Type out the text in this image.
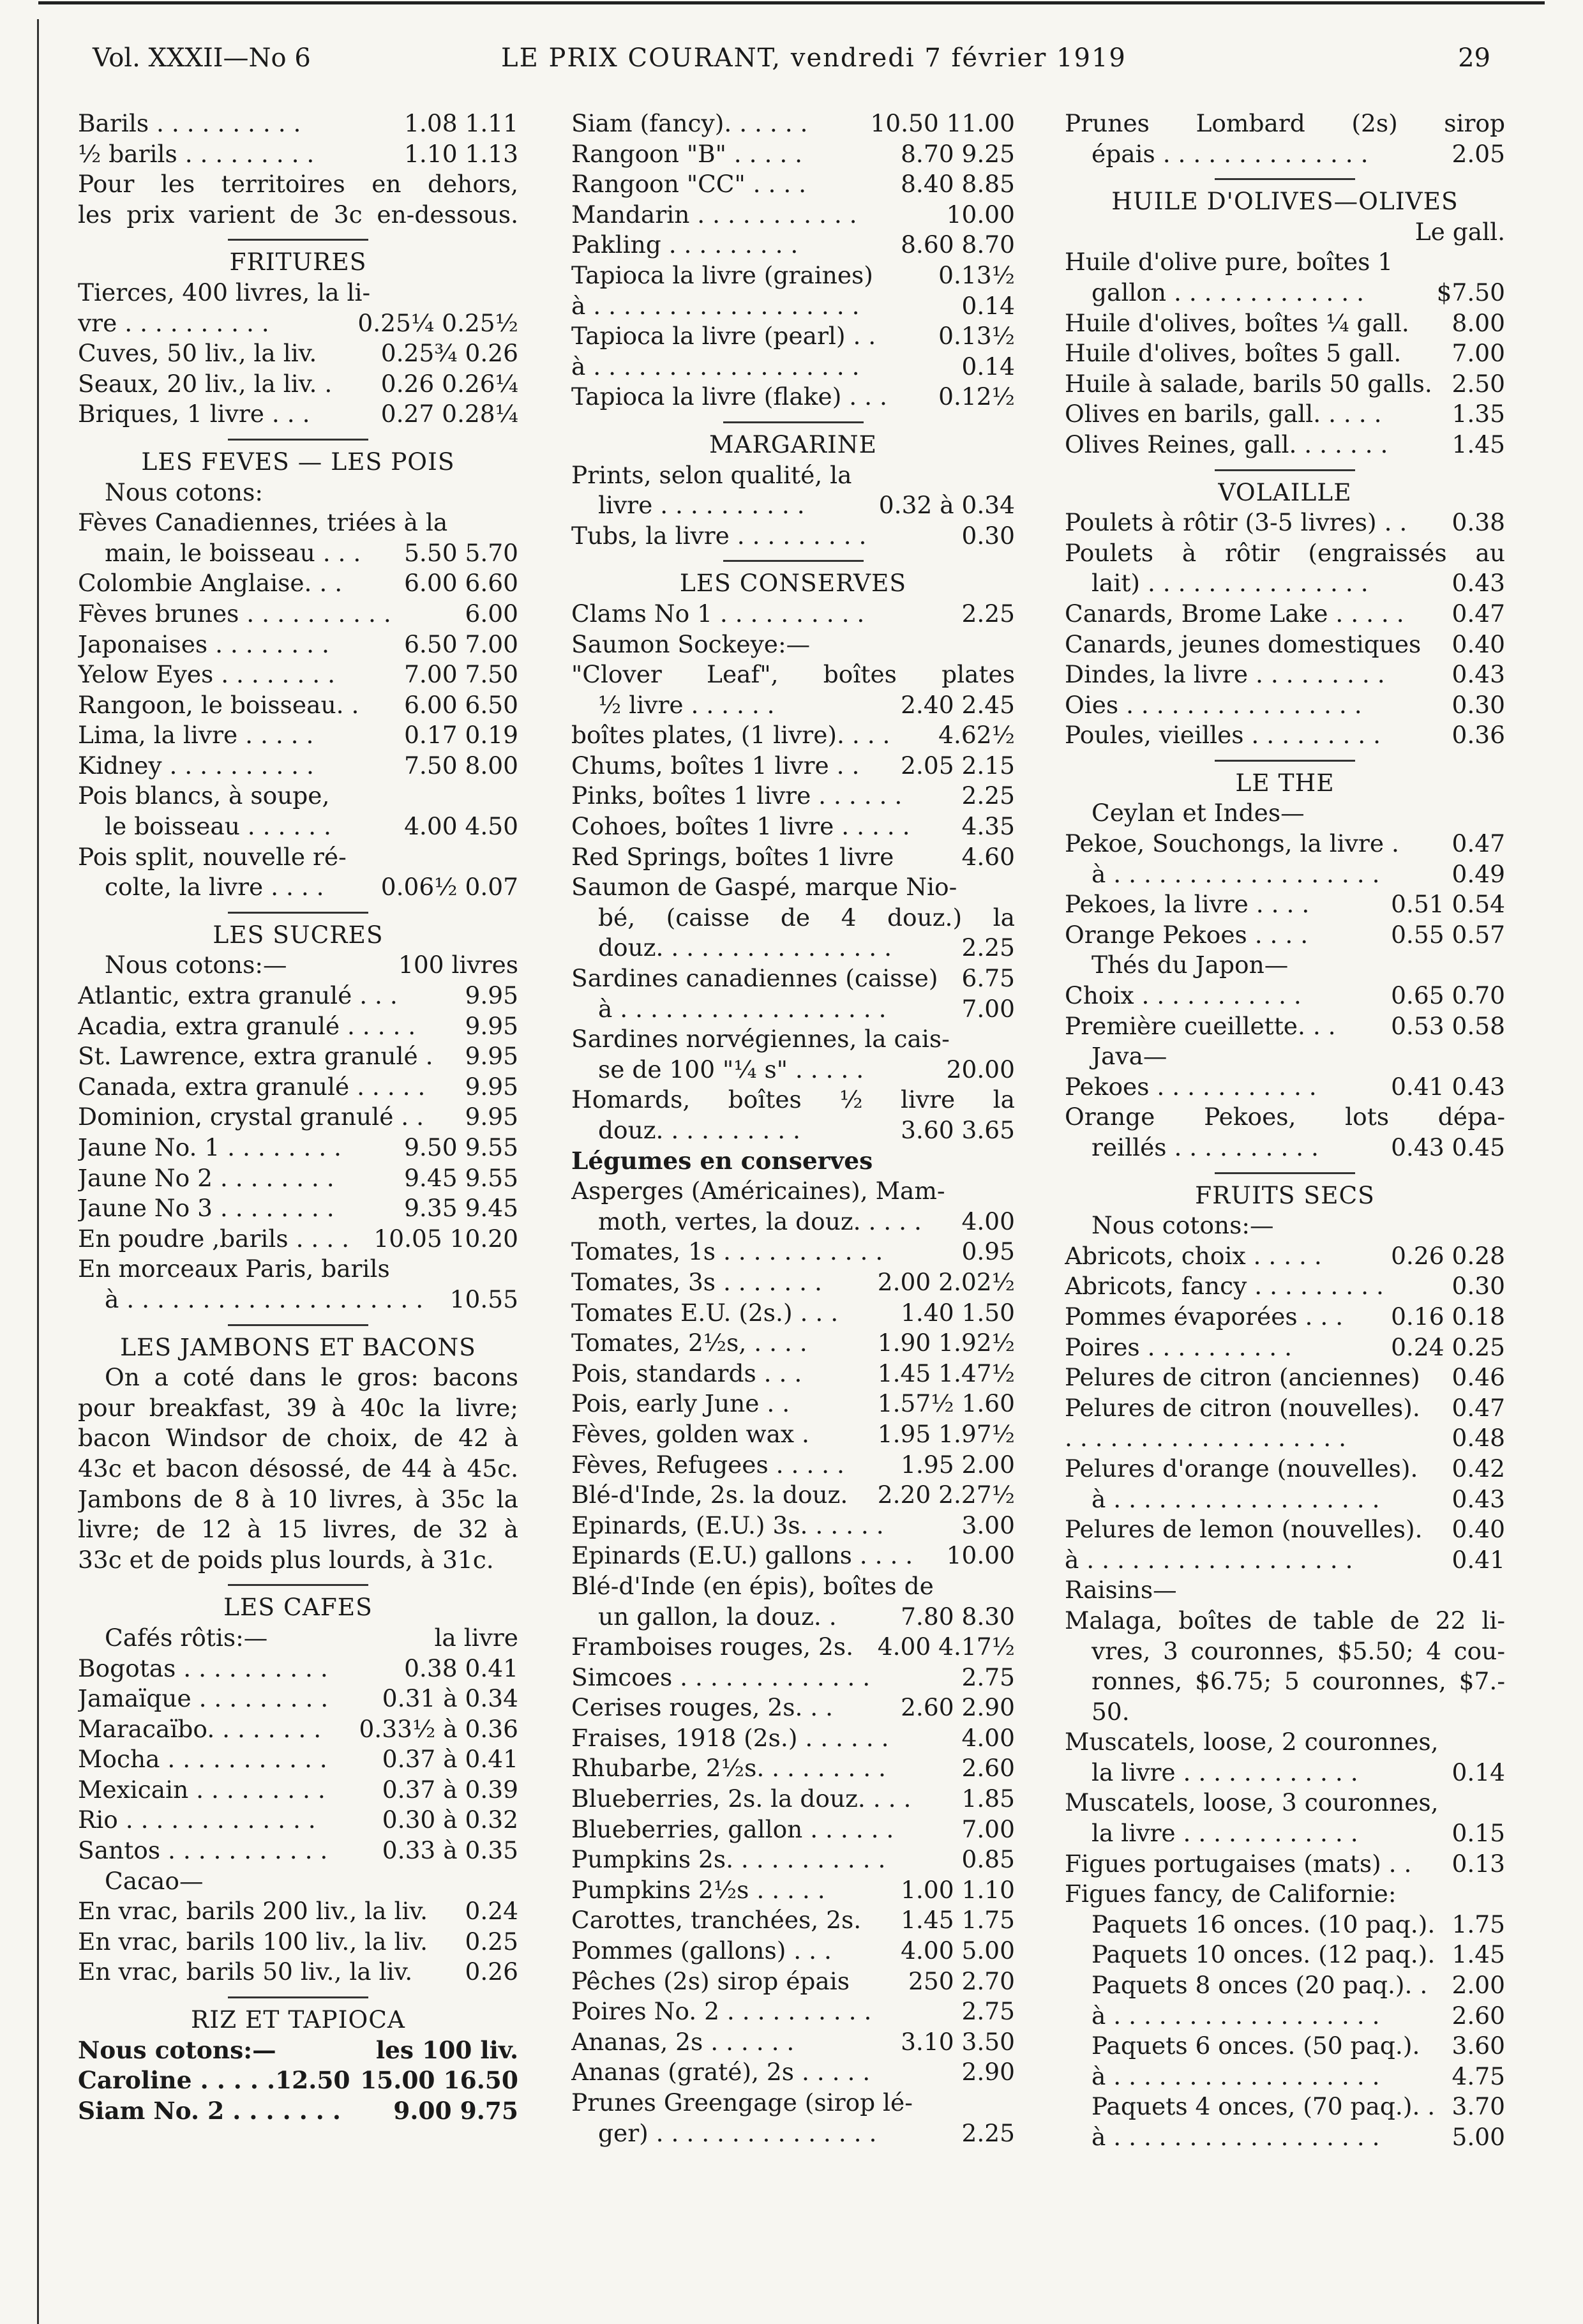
Vol. XXXII—No 6	LE PRIX COURANT, vendredi 7 février 1919	29
Barils . . . . . . . . . .	1.08 1.11
½ barils . . . . . . . . .	1.10 1.13
Pour les territoires en dehors,
les prix varient de 3c en-dessous.
FRITURES
Tierces, 400 livres, la li-
vre . . . . . . . . . .	0.25¼ 0.25½
Cuves, 50 liv., la liv.	0.25¾ 0.26
Seaux, 20 liv., la liv. .	0.26 0.26¼
Briques, 1 livre . . .	0.27 0.28¼
LES FEVES — LES POIS
Nous cotons:
Fèves Canadiennes, triées à la
main, le boisseau . . .	5.50 5.70
Colombie Anglaise. . .	6.00 6.60
Fèves brunes . . . . . . . . . .	6.00
Japonaises . . . . . . . .	6.50 7.00
Yelow Eyes . . . . . . . .	7.00 7.50
Rangoon, le boisseau. .	6.00 6.50
Lima, la livre . . . . .	0.17 0.19
Kidney . . . . . . . . . .	7.50 8.00
Pois blancs, à soupe,
le boisseau . . . . . .	4.00 4.50
Pois split, nouvelle ré-
colte, la livre . . . .	0.06½ 0.07
LES SUCRES
Nous cotons:—	100 livres
Atlantic, extra granulé . . .	9.95
Acadia, extra granulé . . . . .	9.95
St. Lawrence, extra granulé .	9.95
Canada, extra granulé . . . . .	9.95
Dominion, crystal granulé . .	9.95
Jaune No. 1 . . . . . . . .	9.50 9.55
Jaune No 2 . . . . . . . .	9.45 9.55
Jaune No 3 . . . . . . . .	9.35 9.45
En poudre ,barils . . . .	10.05 10.20
En morceaux Paris, barils
à . . . . . . . . . . . . . . . . . . . .	10.55
LES JAMBONS ET BACONS
On a coté dans le gros: bacons
pour breakfast, 39 à 40c la livre;
bacon Windsor de choix, de 42 à
43c et bacon désossé, de 44 à 45c.
Jambons de 8 à 10 livres, à 35c la
livre; de 12 à 15 livres, de 32 à
33c et de poids plus lourds, à 31c.
LES CAFES
Cafés rôtis:—	la livre
Bogotas . . . . . . . . . .	0.38 0.41
Jamaïque . . . . . . . . .	0.31 à 0.34
Maracaïbo. . . . . . . .	0.33½ à 0.36
Mocha . . . . . . . . . . .	0.37 à 0.41
Mexicain . . . . . . . . .	0.37 à 0.39
Rio . . . . . . . . . . . . .	0.30 à 0.32
Santos . . . . . . . . . . .	0.33 à 0.35
Cacao—
En vrac, barils 200 liv., la liv.	0.24
En vrac, barils 100 liv., la liv.	0.25
En vrac, barils 50 liv., la liv.	0.26
RIZ ET TAPIOCA
Nous cotons:—	les 100 liv.
Caroline . . . . .12.50 15.00 16.50
Siam No. 2 . . . . . . .	9.00 9.75
Siam (fancy). . . . . .	10.50 11.00
Rangoon "B" . . . . .	8.70 9.25
Rangoon "CC" . . . .	8.40 8.85
Mandarin . . . . . . . . . . .	10.00
Pakling . . . . . . . . .	8.60 8.70
Tapioca la livre (graines)	0.13½
à . . . . . . . . . . . . . . . . . .	0.14
Tapioca la livre (pearl) . .	0.13½
à . . . . . . . . . . . . . . . . . .	0.14
Tapioca la livre (flake) . . .	0.12½
MARGARINE
Prints, selon qualité, la
livre . . . . . . . . . .	0.32 à 0.34
Tubs, la livre . . . . . . . . .	0.30
LES CONSERVES
Clams No 1 . . . . . . . . . .	2.25
Saumon Sockeye:—
"Clover Leaf", boîtes plates
½ livre . . . . . .	2.40 2.45
boîtes plates, (1 livre). . . .	4.62½
Chums, boîtes 1 livre . .	2.05 2.15
Pinks, boîtes 1 livre . . . . . .	2.25
Cohoes, boîtes 1 livre . . . . .	4.35
Red Springs, boîtes 1 livre	4.60
Saumon de Gaspé, marque Nio-
bé, (caisse de 4 douz.) la
douz. . . . . . . . . . . . . . . .	2.25
Sardines canadiennes (caisse) 6.75
à . . . . . . . . . . . . . . . . . .	7.00
Sardines norvégiennes, la cais-
se de 100 "¼ s" . . . . .	20.00
Homards, boîtes ½ livre la
douz. . . . . . . . . .	3.60 3.65
Légumes en conserves
Asperges (Américaines), Mam-
moth, vertes, la douz. . . . .	4.00
Tomates, 1s . . . . . . . . . . .	0.95
Tomates, 3s . . . . . . .	2.00 2.02½
Tomates E.U. (2s.) . . .	1.40 1.50
Tomates, 2½s, . . . .	1.90 1.92½
Pois, standards . . .	1.45 1.47½
Pois, early June . .	1.57½ 1.60
Fèves, golden wax .	1.95 1.97½
Fèves, Refugees . . . . .	1.95 2.00
Blé-d'Inde, 2s. la douz.	2.20 2.27½
Epinards, (E.U.) 3s. . . . . .	3.00
Epinards (E.U.) gallons . . . .	10.00
Blé-d'Inde (en épis), boîtes de
un gallon, la douz. .	7.80 8.30
Framboises rouges, 2s.	4.00 4.17½
Simcoes . . . . . . . . . . . . .	2.75
Cerises rouges, 2s. . .	2.60 2.90
Fraises, 1918 (2s.) . . . . . .	4.00
Rhubarbe, 2½s. . . . . . . . .	2.60
Blueberries, 2s. la douz. . . .	1.85
Blueberries, gallon . . . . . .	7.00
Pumpkins 2s. . . . . . . . . . .	0.85
Pumpkins 2½s . . . . .	1.00 1.10
Carottes, tranchées, 2s.	1.45 1.75
Pommes (gallons) . . .	4.00 5.00
Pêches (2s) sirop épais	250 2.70
Poires No. 2 . . . . . . . . . .	2.75
Ananas, 2s . . . . . .	3.10 3.50
Ananas (graté), 2s . . . . .	2.90
Prunes Greengage (sirop lé-
ger) . . . . . . . . . . . . . . .	2.25
Prunes Lombard (2s) sirop
épais . . . . . . . . . . . . . .	2.05
HUILE D'OLIVES—OLIVES
Le gall.
Huile d'olive pure, boîtes 1
gallon . . . . . . . . . . . . .	$7.50
Huile d'olives, boîtes ¼ gall.	8.00
Huile d'olives, boîtes 5 gall.	7.00
Huile à salade, barils 50 galls. 2.50
Olives en barils, gall. . . . .	1.35
Olives Reines, gall. . . . . . .	1.45
VOLAILLE
Poulets à rôtir (3-5 livres) . .	0.38
Poulets à rôtir (engraissés au
lait) . . . . . . . . . . . . . . .	0.43
Canards, Brome Lake . . . . .	0.47
Canards, jeunes domestiques	0.40
Dindes, la livre . . . . . . . . .	0.43
Oies . . . . . . . . . . . . . . . .	0.30
Poules, vieilles . . . . . . . . .	0.36
LE THE
Ceylan et Indes—
Pekoe, Souchongs, la livre .	0.47
à . . . . . . . . . . . . . . . . . .	0.49
Pekoes, la livre . . . .	0.51 0.54
Orange Pekoes . . . .	0.55 0.57
Thés du Japon—
Choix . . . . . . . . . . .	0.65 0.70
Première cueillette. . .	0.53 0.58
Java—
Pekoes . . . . . . . . . . .	0.41 0.43
Orange Pekoes, lots dépa-
reillés . . . . . . . . . .	0.43 0.45
FRUITS SECS
Nous cotons:—
Abricots, choix . . . . .	0.26 0.28
Abricots, fancy . . . . . . . . .	0.30
Pommes évaporées . . .	0.16 0.18
Poires . . . . . . . . . .	0.24 0.25
Pelures de citron (anciennes)	0.46
Pelures de citron (nouvelles).	0.47
. . . . . . . . . . . . . . . . . . .	0.48
Pelures d'orange (nouvelles).	0.42
à . . . . . . . . . . . . . . . . . .	0.43
Pelures de lemon (nouvelles).	0.40
à . . . . . . . . . . . . . . . . . .	0.41
Raisins—
Malaga, boîtes de table de 22 li-
vres, 3 couronnes, $5.50; 4 cou-
ronnes, $6.75; 5 couronnes, $7.-
50.
Muscatels, loose, 2 couronnes,
la livre . . . . . . . . . . . .	0.14
Muscatels, loose, 3 couronnes,
la livre . . . . . . . . . . . .	0.15
Figues portugaises (mats) . .	0.13
Figues fancy, de Californie:
Paquets 16 onces. (10 paq.). 1.75
Paquets 10 onces. (12 paq.). 1.45
Paquets 8 onces (20 paq.). .	2.00
à . . . . . . . . . . . . . . . . . .	2.60
Paquets 6 onces. (50 paq.).	3.60
à . . . . . . . . . . . . . . . . . .	4.75
Paquets 4 onces, (70 paq.). . 3.70
à . . . . . . . . . . . . . . . . . .	5.00
